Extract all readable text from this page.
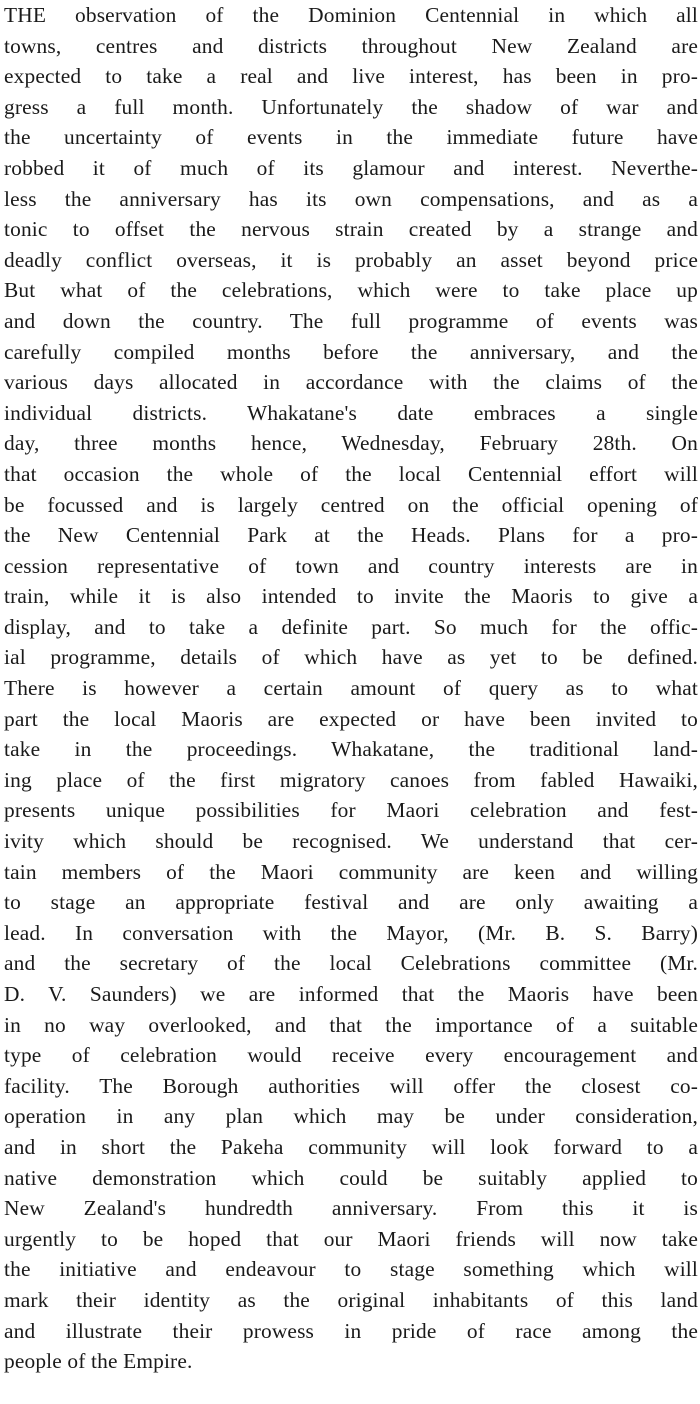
THE observation of the Dominion Centennial in which all
towns, centres and districts throughout New Zealand are
expected to take a real and live interest, has been in pro-
gress a full month. Unfortunately the shadow of war and
the uncertainty of events in the immediate future have
robbed it of much of its glamour and interest. Neverthe-
less the anniversary has its own compensations, and as a
tonic to offset the nervous strain created by a strange and
deadly conflict overseas, it is probably an asset beyond price
But what of the celebrations, which were to take place up
and down the country. The full programme of events was
carefully compiled months before the anniversary, and the
various days allocated in accordance with the claims of the
individual districts. Whakatane's date embraces a single
day, three months hence, Wednesday, February 28th. On
that occasion the whole of the local Centennial effort will
be focussed and is largely centred on the official opening of
the New Centennial Park at the Heads. Plans for a pro-
cession representative of town and country interests are in
train, while it is also intended to invite the Maoris to give a
display, and to take a definite part. So much for the offic-
ial programme, details of which have as yet to be defined.
There is however a certain amount of query as to what
part the local Maoris are expected or have been invited to
take in the proceedings. Whakatane, the traditional land-
ing place of the first migratory canoes from fabled Hawaiki,
presents unique possibilities for Maori celebration and fest-
ivity which should be recognised. We understand that cer-
tain members of the Maori community are keen and willing
to stage an appropriate festival and are only awaiting a
lead. In conversation with the Mayor, (Mr. B. S. Barry)
and the secretary of the local Celebrations committee (Mr.
D. V. Saunders) we are informed that the Maoris have been
in no way overlooked, and that the importance of a suitable
type of celebration would receive every encouragement and
facility. The Borough authorities will offer the closest co-
operation in any plan which may be under consideration,
and in short the Pakeha community will look forward to a
native demonstration which could be suitably applied to
New Zealand's hundredth anniversary. From this it is
urgently to be hoped that our Maori friends will now take
the initiative and endeavour to stage something which will
mark their identity as the original inhabitants of this land
and illustrate their prowess in pride of race among the
people of the Empire.
